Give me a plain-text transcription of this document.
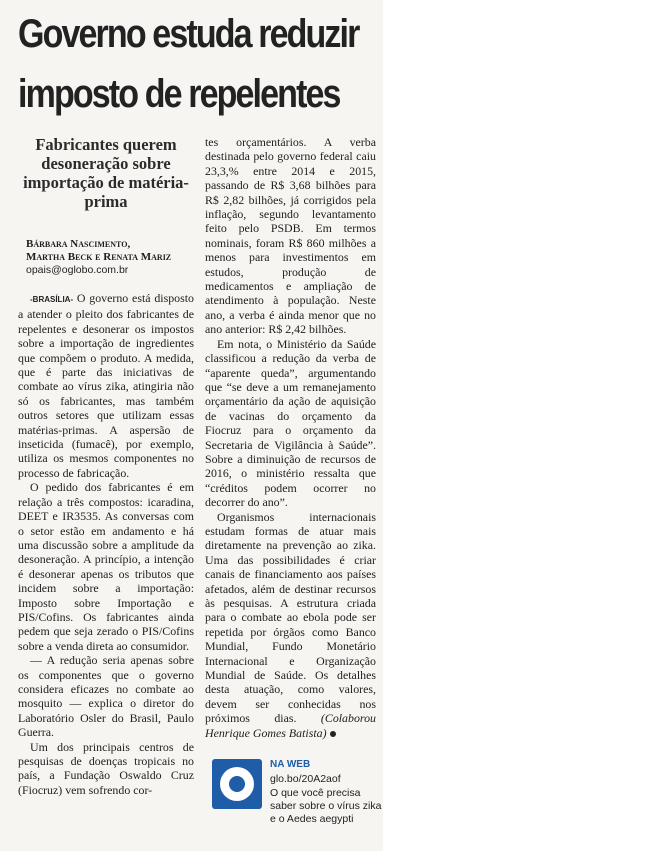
Governo estuda reduzir
imposto de repelentes
Fabricantes querem desoneração sobre importação de matéria-prima
Bárbara Nascimento,
Martha Beck e Renata Mariz
opais@oglobo.com.br

-BRASÍLIA- O governo está disposto a atender o pleito dos fabricantes de repelentes e desonerar os impostos sobre a importação de ingredientes que compõem o produto. A medida, que é parte das iniciativas de combate ao vírus zika, atingiria não só os fabricantes, mas também outros setores que utilizam essas matérias-primas. A aspersão de inseticida (fumacê), por exemplo, utiliza os mesmos componentes no processo de fabricação.

O pedido dos fabricantes é em relação a três compostos: icaradina, DEET e IR3535. As conversas com o setor estão em andamento e há uma discussão sobre a amplitude da desoneração. A princípio, a intenção é desonerar apenas os tributos que incidem sobre a importação: Imposto sobre Importação e PIS/Cofins. Os fabricantes ainda pedem que seja zerado o PIS/Cofins sobre a venda direta ao consumidor.

— A redução seria apenas sobre os componentes que o governo considera eficazes no combate ao mosquito — explica o diretor do Laboratório Osler do Brasil, Paulo Guerra.

Um dos principais centros de pesquisas de doenças tropicais no país, a Fundação Oswaldo Cruz (Fiocruz) vem sofrendo cor-

tes orçamentários. A verba destinada pelo governo federal caiu 23,3,% entre 2014 e 2015, passando de R$ 3,68 bilhões para R$ 2,82 bilhões, já corrigidos pela inflação, segundo levantamento feito pelo PSDB. Em termos nominais, foram R$ 860 milhões a menos para investimentos em estudos, produção de medicamentos e ampliação de atendimento à população. Neste ano, a verba é ainda menor que no ano anterior: R$ 2,42 bilhões.

Em nota, o Ministério da Saúde classificou a redução da verba de “aparente queda”, argumentando que “se deve a um remanejamento orçamentário da ação de aquisição de vacinas do orçamento da Fiocruz para o orçamento da Secretaria de Vigilância à Saúde”. Sobre a diminuição de recursos de 2016, o ministério ressalta que “créditos podem ocorrer no decorrer do ano”.

Organismos internacionais estudam formas de atuar mais diretamente na prevenção ao zika. Uma das possibilidades é criar canais de financiamento aos países afetados, além de destinar recursos às pesquisas. A estrutura criada para o combate ao ebola pode ser repetida por órgãos como Banco Mundial, Fundo Monetário Internacional e Organização Mundial de Saúde. Os detalhes desta atuação, como valores, devem ser conhecidas nos próximos dias. (Colaborou Henrique Gomes Batista)

NA WEB
glo.bo/20A2aof
O que você precisa saber sobre o vírus zika e o Aedes aegypti
